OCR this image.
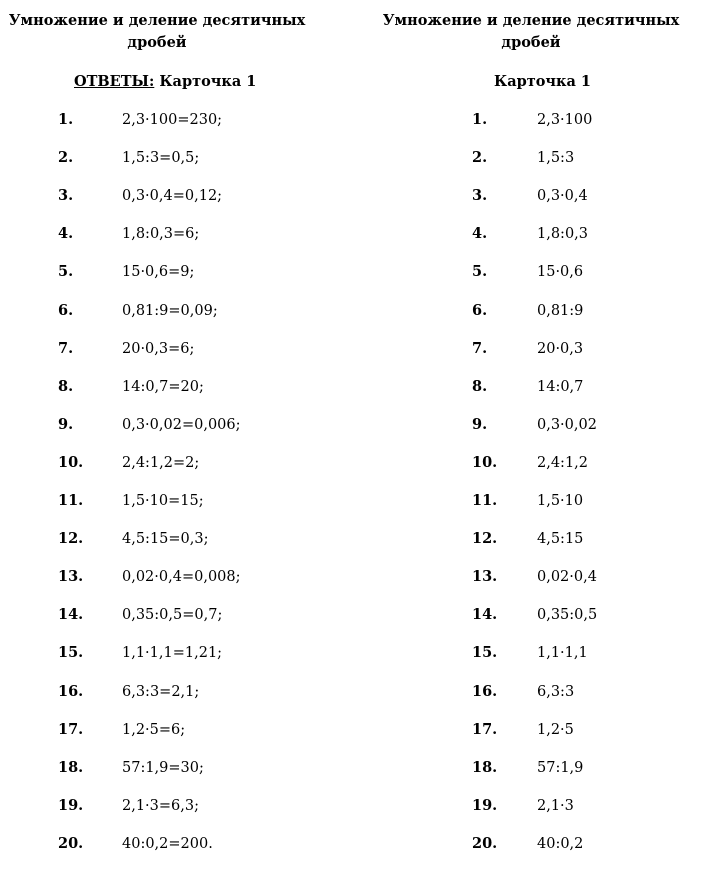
Умножение и деление десятичных дробей
ОТВЕТЫ: Карточка 1
1.	2,3·100=230;
2.	1,5:3=0,5;
3.	0,3·0,4=0,12;
4.	1,8:0,3=6;
5.	15·0,6=9;
6.	0,81:9=0,09;
7.	20·0,3=6;
8.	14:0,7=20;
9.	0,3·0,02=0,006;
10.	2,4:1,2=2;
11.	1,5·10=15;
12.	4,5:15=0,3;
13.	0,02·0,4=0,008;
14.	0,35:0,5=0,7;
15.	1,1·1,1=1,21;
16.	6,3:3=2,1;
17.	1,2·5=6;
18.	57:1,9=30;
19.	2,1·3=6,3;
20.	40:0,2=200.
Умножение и деление десятичных дробей
Карточка 1
1.	2,3·100
2.	1,5:3
3.	0,3·0,4
4.	1,8:0,3
5.	15·0,6
6.	0,81:9
7.	20·0,3
8.	14:0,7
9.	0,3·0,02
10.	2,4:1,2
11.	1,5·10
12.	4,5:15
13.	0,02·0,4
14.	0,35:0,5
15.	1,1·1,1
16.	6,3:3
17.	1,2·5
18.	57:1,9
19.	2,1·3
20.	40:0,2
